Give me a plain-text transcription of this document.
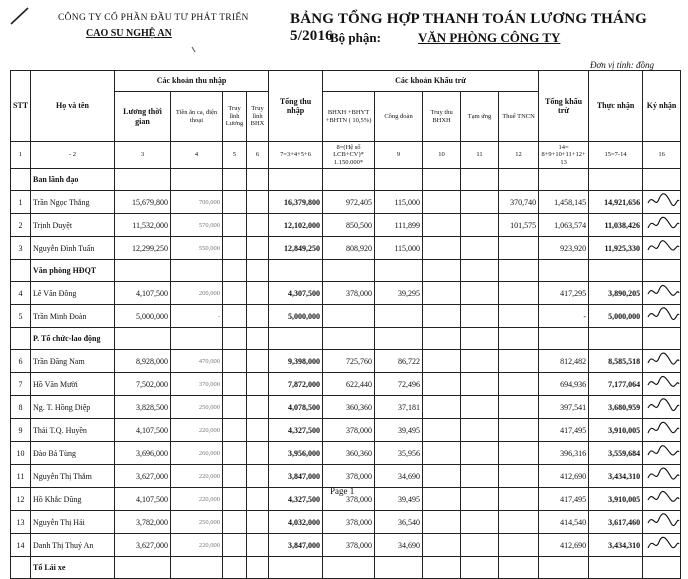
CÔNG TY CỔ PHẦN ĐẦU TƯ PHÁT TRIỂN
CAO SU NGHỆ AN
BẢNG TỔNG HỢP THANH TOÁN LƯƠNG THÁNG 5/2016
Bộ phận:	VĂN PHÒNG CÔNG TY
Đơn vị tính: đồng
STT	Họ và tên	Các khoản thu nhập				Tổng thu nhập	Các khoản Khấu trừ					Tổng khấu trừ	Thực nhận	Ký nhận
		Lương thời gian	Tiền ăn ca, điện thoại	Truy lĩnh Lương	Truy lĩnh BHX		BHXH +BHYT +BHTN ( 10,5%)	Công đoàn	Truy thu BHXH	Tạm ứng	Thuế TNCN			
1	- 2	3	4	5	6	7=3+4+5+6	8=(Hệ số LCB+CV)* 1.150.000*	9	10	11	12	14= 8+9+10+11+12+ 13	15=7-14	16
	Ban lãnh đạo													
1	Trần Ngọc Thắng	15,679,800	700,000			16,379,800	972,405	115,000			370,740	1,458,145	14,921,656	
2	Trịnh Duyệt	11,532,000	570,000			12,102,000	850,500	111,899			101,575	1,063,574	11,038,426	
3	Nguyễn Đình Tuấn	12,299,250	550,000			12,849,250	808,920	115,000				923,920	11,925,330	
	Văn phòng HĐQT													
4	Lê Văn Đông	4,107,500	200,000			4,307,500	378,000	39,295				417,295	3,890,205	
5	Trần Minh Đoàn	5,000,000	-			5,000,000						-	5,000,000	
	P. Tổ chức-lao động													
6	Trần Đăng Nam	8,928,000	470,000			9,398,000	725,760	86,722				812,482	8,585,518	
7	Hồ Văn Mười	7,502,000	370,000			7,872,000	622,440	72,496				694,936	7,177,064	
8	Ng. T. Hồng Diệp	3,828,500	250,000			4,078,500	360,360	37,181				397,541	3,680,959	
9	Thái T.Q. Huyền	4,107,500	220,000			4,327,500	378,000	39,495				417,495	3,910,005	
10	Đào Bá Tùng	3,696,000	260,000			3,956,000	360,360	35,956				396,316	3,559,684	
11	Nguyễn Thị Thắm	3,627,000	220,000			3,847,000	378,000	34,690				412,690	3,434,310	
12	Hồ Khắc Dũng	4,107,500	220,000			4,327,500	378,000	39,495				417,495	3,910,005	
13	Nguyễn Thị Hải	3,782,000	250,000			4,032,000	378,000	36,540				414,540	3,617,460	
14	Danh Thị Thuý An	3,627,000	220,000			3,847,000	378,000	34,690				412,690	3,434,310	
	Tổ Lái xe													
Page 1
